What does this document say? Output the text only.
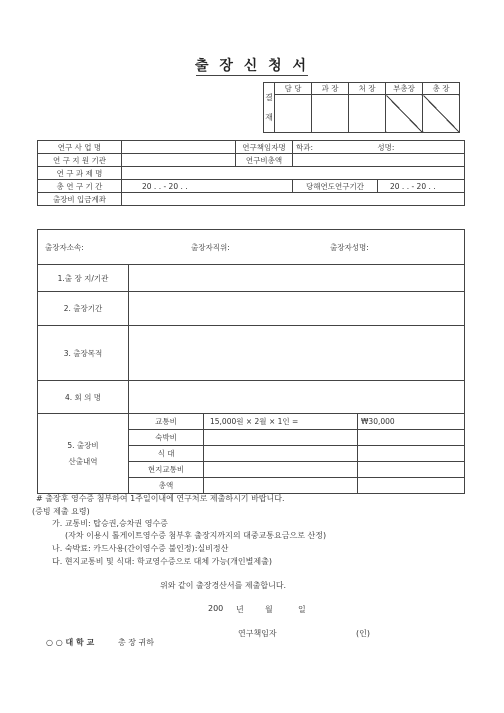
출 장 신 청 서
결
재	담 당	과 장	처 장	부총장	총 장

연구 사 업 명		연구책임자명	학과: 성명:	
연 구 지 원 기관		연구비총액		
연 구 과 제 명				
총 연 구 기 간	20 . . - 20 . .		당해연도연구기간	20 . . - 20 . .
출장비 입금계좌				
출장자소속: 출장자직위: 출장자성명:			

1.출 장 지/기관			
2. 출장기간			
3. 출장목적			
4. 회 의 명			

5. 출장비
산출내역	교통비	15,000원 × 2월 × 1인 =	₩30,000
	숙박비		
	식 대		
	현지교통비		
	총액		
# 출장후 영수증 첨부하여 1주일이내에 연구처로 제출하시기 바랍니다.
(증빙 제출 요령)
가. 교통비: 탑승권,승차권 영수증
(자차 이용시 톨게이트영수증 첨부후 출장지까지의 대중교통요금으로 산정)
나. 숙박료: 카드사용(간이영수증 불인정):실비정산
다. 현지교통비 및 식대: 학교영수증으로 대체 가능(개인별제출)
위와 같이 출장경산서를 제출합니다.
200 년	월	일
연구책임자	(인)
○ ○ 대 학 교	총 장 귀하
